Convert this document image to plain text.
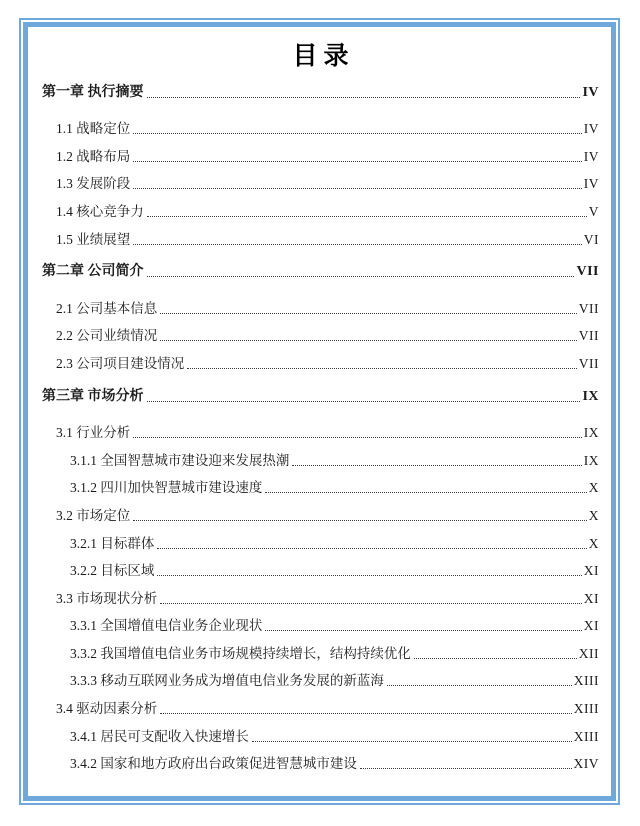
目录
第一章 执行摘要	IV
1.1 战略定位	IV
1.2 战略布局	IV
1.3 发展阶段	IV
1.4 核心竞争力	V
1.5 业绩展望	VI
第二章 公司简介	VII
2.1 公司基本信息	VII
2.2 公司业绩情况	VII
2.3 公司项目建设情况	VII
第三章 市场分析	IX
3.1 行业分析	IX
3.1.1 全国智慧城市建设迎来发展热潮	IX
3.1.2 四川加快智慧城市建设速度	X
3.2 市场定位	X
3.2.1 目标群体	X
3.2.2 目标区域	XI
3.3 市场现状分析	XI
3.3.1 全国增值电信业务企业现状	XI
3.3.2 我国增值电信业务市场规模持续增长，结构持续优化	XII
3.3.3 移动互联网业务成为增值电信业务发展的新蓝海	XIII
3.4 驱动因素分析	XIII
3.4.1 居民可支配收入快速增长	XIII
3.4.2 国家和地方政府出台政策促进智慧城市建设	XIV
